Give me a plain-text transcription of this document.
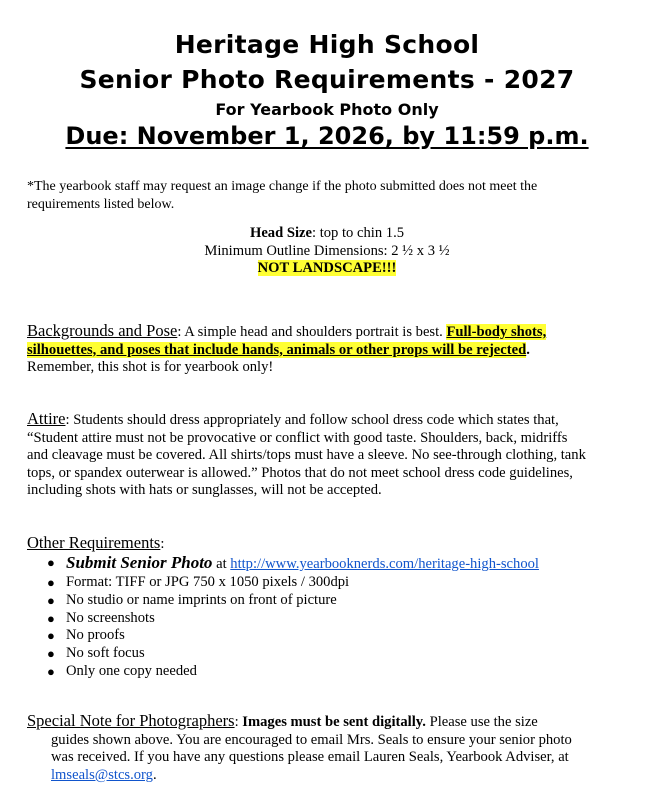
Heritage High School
Senior Photo Requirements - 2027
For Yearbook Photo Only
Due: November 1, 2026, by 11:59 p.m.
*The yearbook staff may request an image change if the photo submitted does not meet the
requirements listed below.
Head Size: top to chin 1.5
Minimum Outline Dimensions: 2 ½ x 3 ½
NOT LANDSCAPE!!!
Backgrounds and Pose: A simple head and shoulders portrait is best. Full-body shots,
silhouettes, and poses that include hands, animals or other props will be rejected.
Remember, this shot is for yearbook only!
Attire: Students should dress appropriately and follow school dress code which states that,
“Student attire must not be provocative or conflict with good taste. Shoulders, back, midriffs
and cleavage must be covered. All shirts/tops must have a sleeve. No see-through clothing, tank
tops, or spandex outerwear is allowed.” Photos that do not meet school dress code guidelines,
including shots with hats or sunglasses, will not be accepted.
Other Requirements:
● Submit Senior Photo at http://www.yearbooknerds.com/heritage-high-school
● Format: TIFF or JPG 750 x 1050 pixels / 300dpi
● No studio or name imprints on front of picture
● No screenshots
● No proofs
● No soft focus
● Only one copy needed
Special Note for Photographers: Images must be sent digitally. Please use the size
guides shown above. You are encouraged to email Mrs. Seals to ensure your senior photo
was received. If you have any questions please email Lauren Seals, Yearbook Adviser, at
lmseals@stcs.org.
